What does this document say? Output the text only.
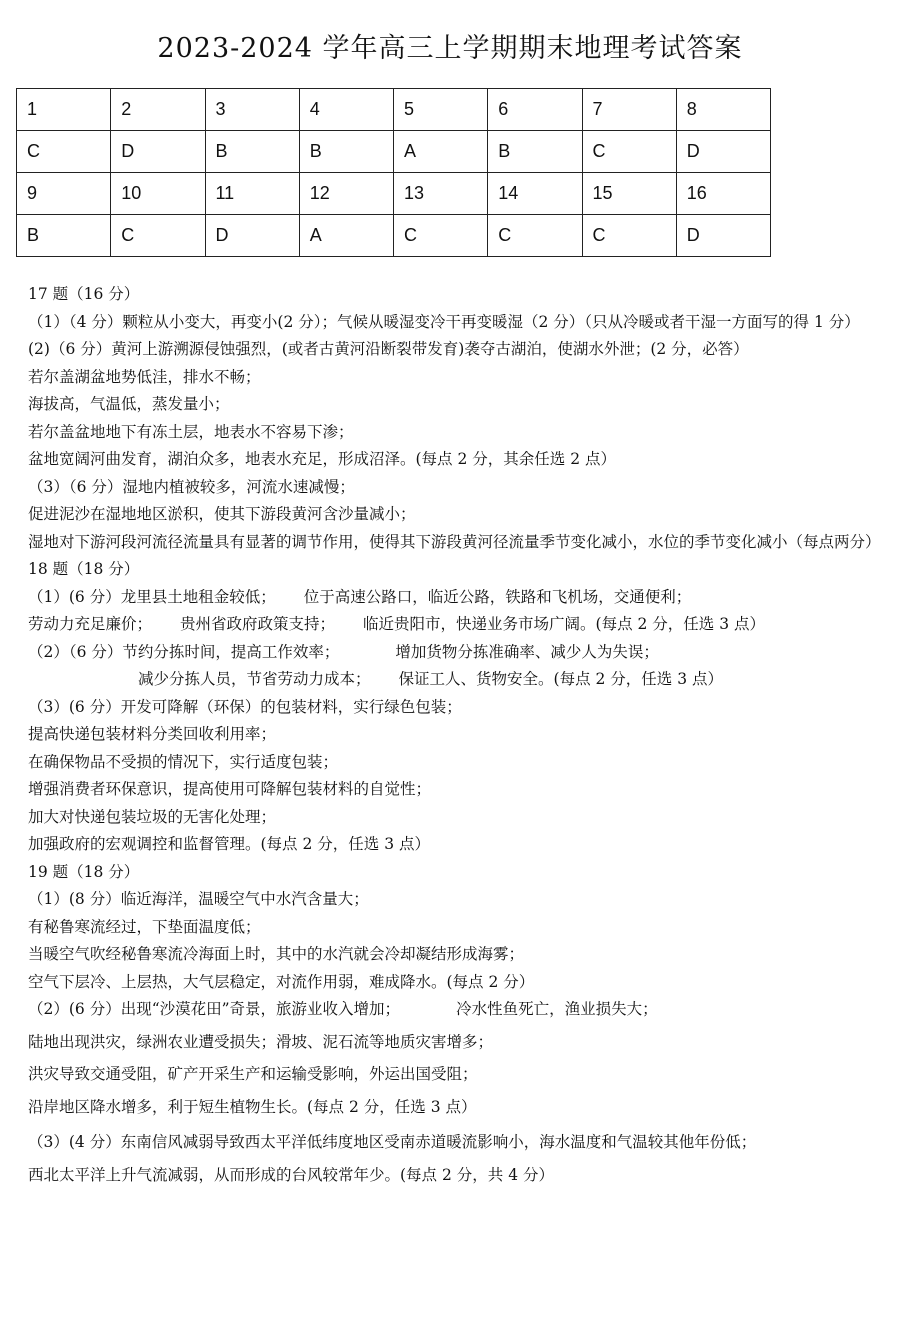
2023-2024 学年高三上学期期末地理考试答案
1	2	3	4	5	6	7	8
C	D	B	B	A	B	C	D
9	10	11	12	13	14	15	16
B	C	D	A	C	C	C	D
17 题（16 分）
（1）（4 分）颗粒从小变大，再变小(2 分）；气候从暖湿变冷干再变暖湿（2 分）（只从冷暖或者干湿一方面写的得 1 分）
(2)（6 分）黄河上游溯源侵蚀强烈，(或者古黄河沿断裂带发育)袭夺古湖泊，使湖水外泄；(2 分，必答）
若尔盖湖盆地势低洼，排水不畅；
海拔高，气温低，蒸发量小；
若尔盖盆地地下有冻土层，地表水不容易下渗；
盆地宽阔河曲发育，湖泊众多，地表水充足，形成沼泽。(每点 2 分，其余任选 2 点）
（3）（6 分）湿地内植被较多，河流水速减慢；
促进泥沙在湿地地区淤积，使其下游段黄河含沙量减小；
湿地对下游河段河流径流量具有显著的调节作用，使得其下游段黄河径流量季节变化减小，水位的季节变化减小（每点两分）
18 题（18 分）
（1）(6 分）龙里县土地租金较低； 位于高速公路口，临近公路，铁路和飞机场，交通便利；
劳动力充足廉价； 贵州省政府政策支持； 临近贵阳市，快递业务市场广阔。(每点 2 分，任选 3 点）
（2）（6 分）节约分拣时间，提高工作效率；	增加货物分拣准确率、减少人为失误；
减少分拣人员，节省劳动力成本； 保证工人、货物安全。(每点 2 分，任选 3 点）
（3）(6 分）开发可降解（环保）的包装材料，实行绿色包装；
提高快递包装材料分类回收利用率；
在确保物品不受损的情况下，实行适度包装；
增强消费者环保意识，提高使用可降解包装材料的自觉性；
加大对快递包装垃圾的无害化处理；
加强政府的宏观调控和监督管理。(每点 2 分，任选 3 点）
19 题（18 分）
（1）(8 分）临近海洋，温暖空气中水汽含量大；
有秘鲁寒流经过，下垫面温度低；
当暖空气吹经秘鲁寒流冷海面上时，其中的水汽就会冷却凝结形成海雾；
空气下层冷、上层热，大气层稳定，对流作用弱，难成降水。(每点 2 分）
（2）(6 分）出现“沙漠花田”奇景，旅游业收入增加；	冷水性鱼死亡，渔业损失大；
陆地出现洪灾，绿洲农业遭受损失；滑坡、泥石流等地质灾害增多；
洪灾导致交通受阻，矿产开采生产和运输受影响，外运出国受阻；
沿岸地区降水增多，利于短生植物生长。(每点 2 分，任选 3 点）
（3）(4 分）东南信风减弱导致西太平洋低纬度地区受南赤道暖流影响小，海水温度和气温较其他年份低；
西北太平洋上升气流减弱，从而形成的台风较常年少。(每点 2 分，共 4 分）
